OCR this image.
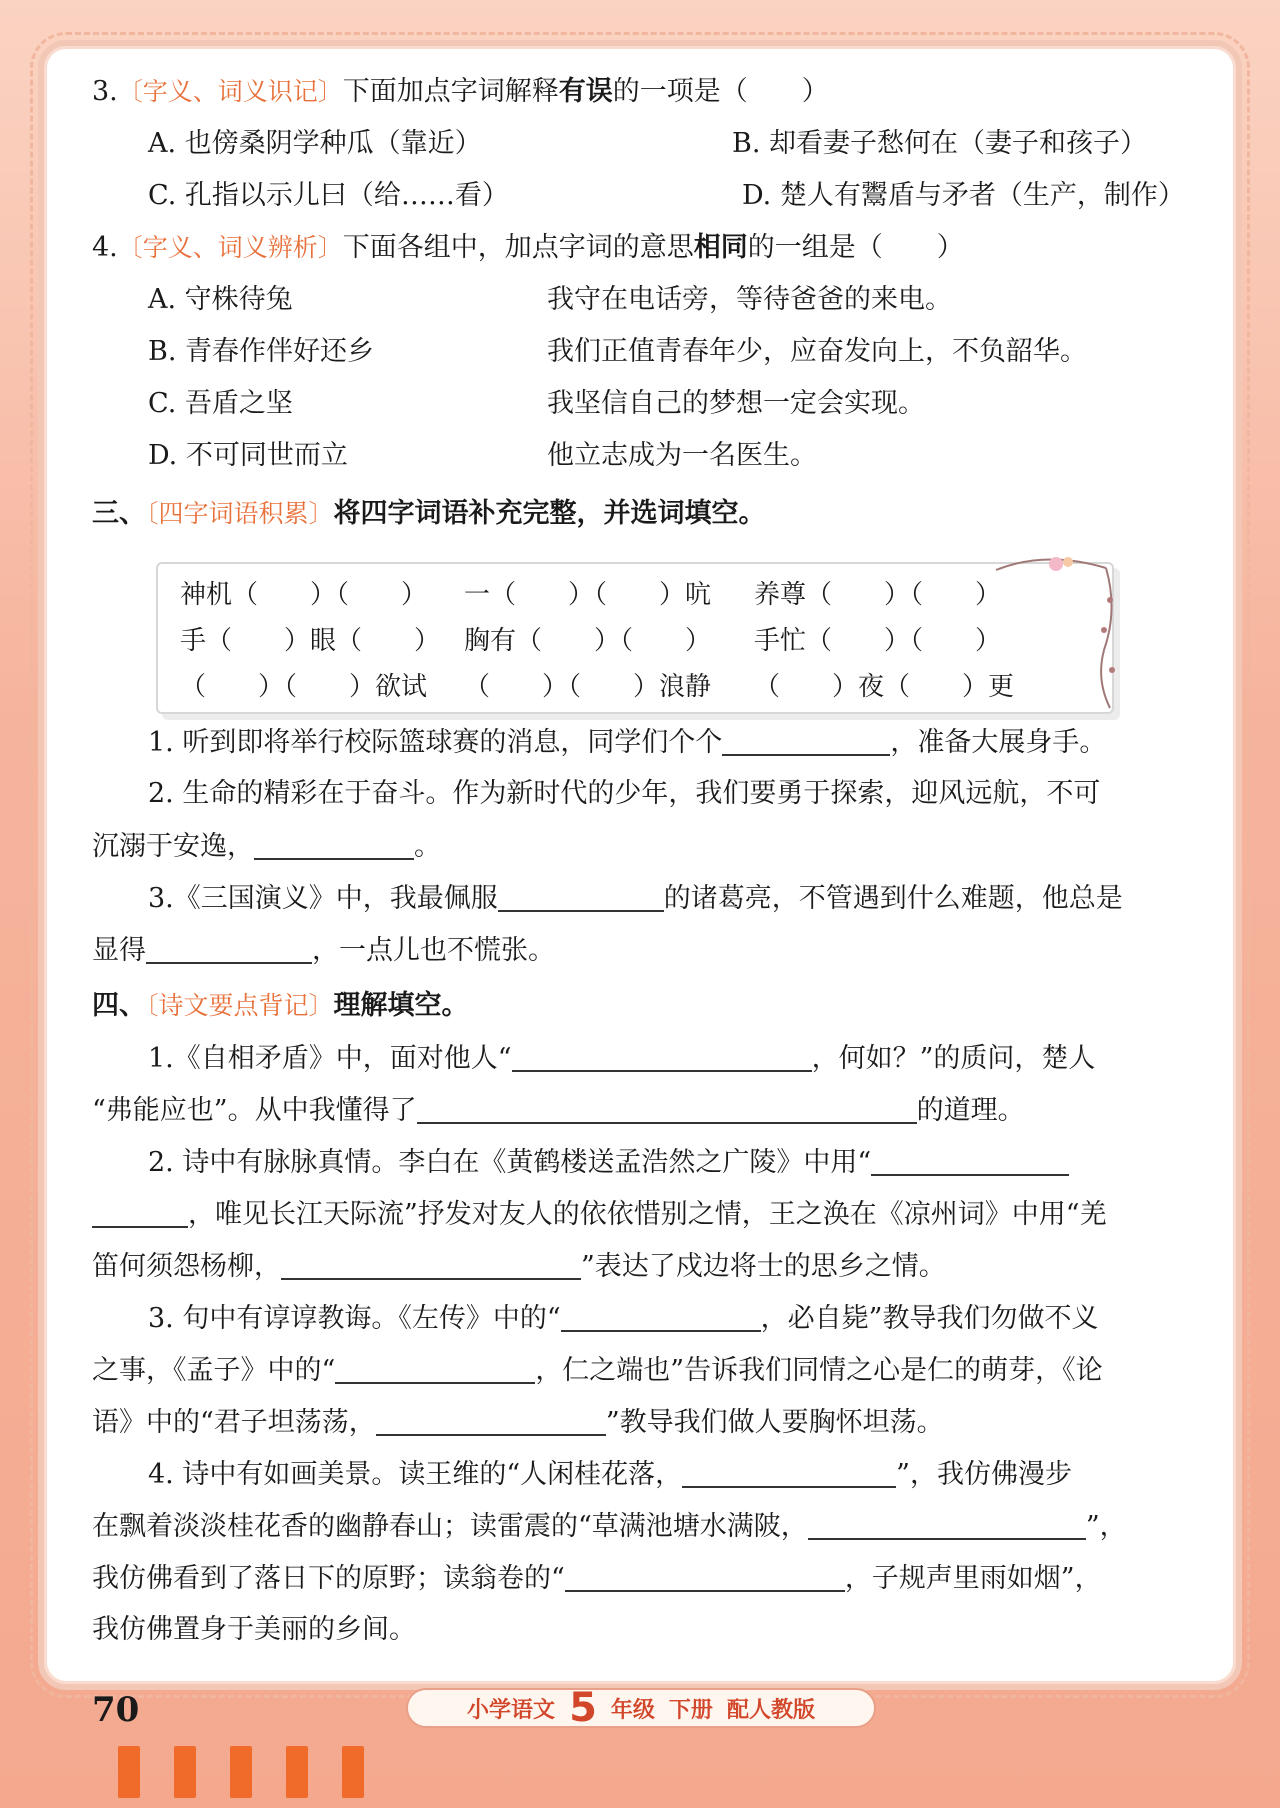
3.〔字义、词义识记〕下面加点字词解释有误的一项是（　　）
A. 也傍桑阴学种瓜（靠近）	B. 却看妻子愁何在（妻子和孩子）
C. 孔指以示儿曰（给……看）	D. 楚人有鬻盾与矛者（生产，制作）
4.〔字义、词义辨析〕下面各组中，加点字词的意思相同的一组是（　　）
A. 守株待兔	我守在电话旁，等待爸爸的来电。
B. 青春作伴好还乡	我们正值青春年少，应奋发向上，不负韶华。
C. 吾盾之坚	我坚信自己的梦想一定会实现。
D. 不可同世而立	他立志成为一名医生。
三、〔四字词语积累〕将四字词语补充完整，并选词填空。
神机（　　）（　　） 一（　　）（　　）吭 养尊（　　）（　　）
手（　　）眼（　　） 胸有（　　）（　　） 手忙（　　）（　　）
（　　）（　　）欲试 （　　）（　　）浪静 （　　）夜（　　）更
1. 听到即将举行校际篮球赛的消息，同学们个个	，准备大展身手。
2. 生命的精彩在于奋斗。作为新时代的少年，我们要勇于探索，迎风远航，不可
沉溺于安逸，	。
3.《三国演义》中，我最佩服	的诸葛亮，不管遇到什么难题，他总是
显得	，一点儿也不慌张。
四、〔诗文要点背记〕理解填空。
1.《自相矛盾》中，面对他人“	，何如？”的质问，楚人
“弗能应也”。从中我懂得了	的道理。
2. 诗中有脉脉真情。李白在《黄鹤楼送孟浩然之广陵》中用“
，唯见长江天际流”抒发对友人的依依惜别之情，王之涣在《凉州词》中用“羌
笛何须怨杨柳，	”表达了戍边将士的思乡之情。
3. 句中有谆谆教诲。《左传》中的“	，必自毙”教导我们勿做不义
之事，《孟子》中的“	，仁之端也”告诉我们同情之心是仁的萌芽，《论
语》中的“君子坦荡荡，	”教导我们做人要胸怀坦荡。
4. 诗中有如画美景。读王维的“人闲桂花落，	”，我仿佛漫步
在飘着淡淡桂花香的幽静春山；读雷震的“草满池塘水满陂，	”，
我仿佛看到了落日下的原野；读翁卷的“	，子规声里雨如烟”，
我仿佛置身于美丽的乡间。
70	小学语文 5 年级 下册 配人教版
